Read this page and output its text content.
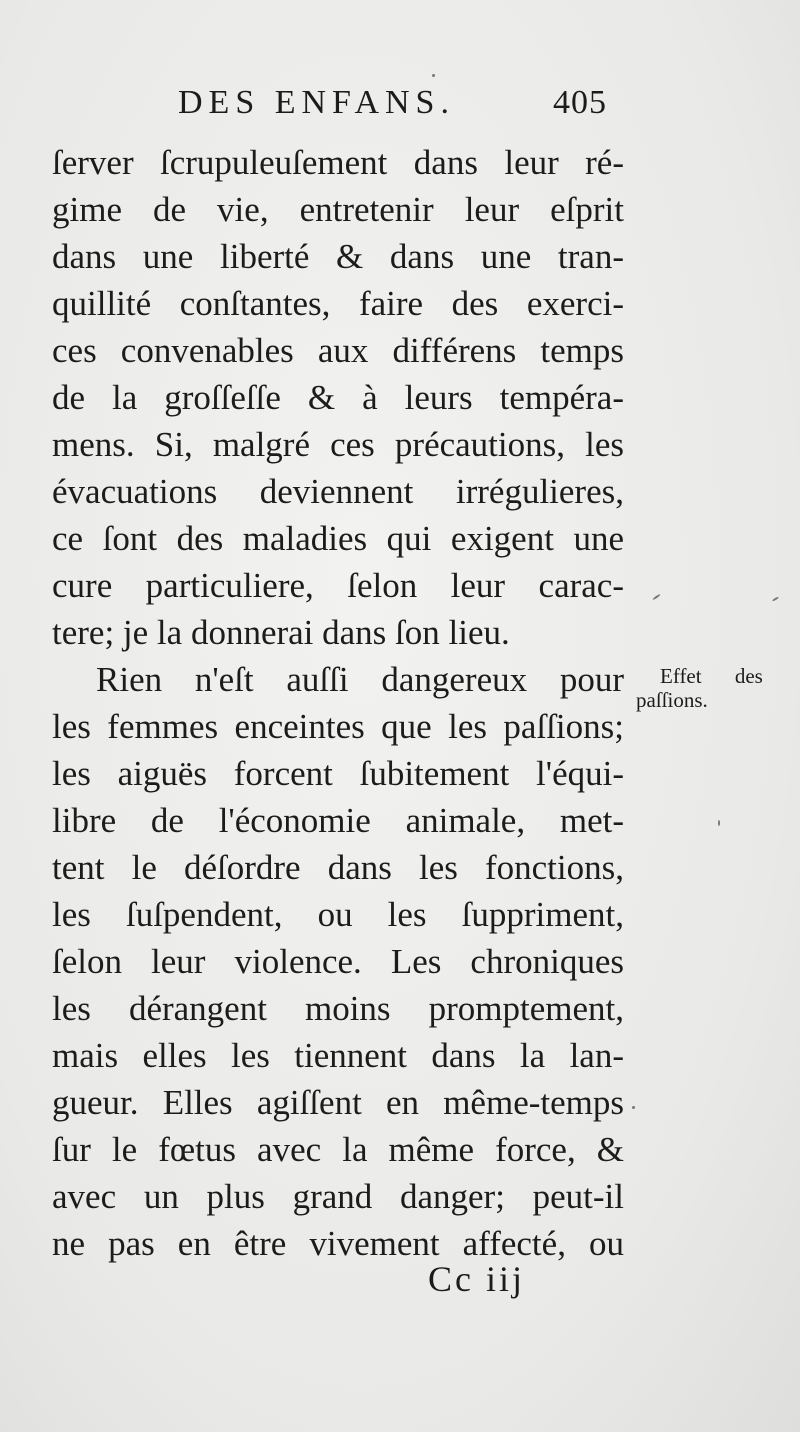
DES ENFANS.	405
ſerver ſcrupuleuſement dans leur ré-
gime de vie, entretenir leur eſprit
dans une liberté & dans une tran-
quillité conſtantes, faire des exerci-
ces convenables aux différens temps
de la groſſeſſe & à leurs tempéra-
mens. Si, malgré ces précautions, les
évacuations deviennent irrégulieres,
ce ſont des maladies qui exigent une
cure particuliere, ſelon leur carac-
tere; je la donnerai dans ſon lieu.
Rien n'eſt auſſi dangereux pour
les femmes enceintes que les paſſions;
les aiguës forcent ſubitement l'équi-
libre de l'économie animale, met-
tent le déſordre dans les fonctions,
les ſuſpendent, ou les ſuppriment,
ſelon leur violence. Les chroniques
les dérangent moins promptement,
mais elles les tiennent dans la lan-
gueur. Elles agiſſent en même-temps
ſur le fœtus avec la même force, &
avec un plus grand danger; peut-il
ne pas en être vivement affecté, ou
Effet des
paſſions.
Cc iij
